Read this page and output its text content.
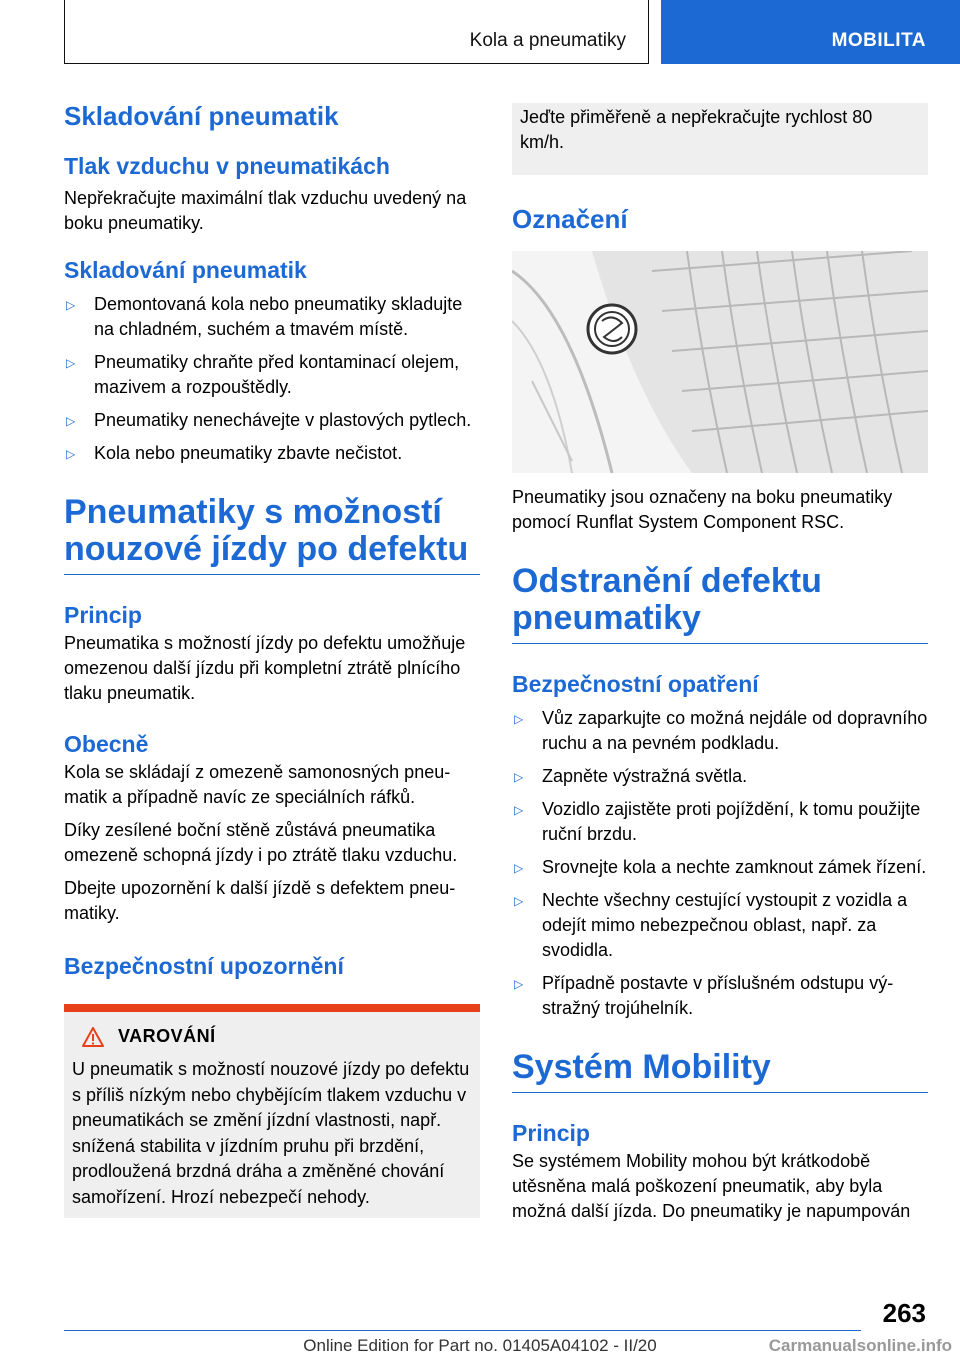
Kola a pneumatiky	MOBILITA
Skladování pneumatik
Tlak vzduchu v pneumatikách

Nepřekračujte maximální tlak vzduchu uvedený na boku pneumatiky.

Skladování pneumatik
▷ Demontovaná kola nebo pneumatiky skladujte na chladném, suchém a tmavém místě.
▷ Pneumatiky chraňte před kontaminací olejem, mazivem a rozpouštědly.
▷ Pneumatiky nenechávejte v plastových pytlech.
▷ Kola nebo pneumatiky zbavte nečistot.
Pneumatiky s možností nouzové jízdy po defektu
Princip

Pneumatika s možností jízdy po defektu umožňuje omezenou další jízdu při kompletní ztrátě plnícího tlaku pneumatik.

Obecně

Kola se skládají z omezeně samonosných pneumatik a případně navíc ze speciálních ráfků.

Díky zesílené boční stěně zůstává pneumatika omezeně schopná jízdy i po ztrátě tlaku vzduchu.

Dbejte upozornění k další jízdě s defektem pneumatiky.

Bezpečnostní upozornění
VAROVÁNÍ

U pneumatik s možností nouzové jízdy po defektu s příliš nízkým nebo chybějícím tlakem vzduchu v pneumatikách se změní jízdní vlastnosti, např. snížená stabilita v jízdním pruhu při brzdění, prodloužená brzdná dráha a změněné chování samořízení. Hrozí nebezpečí nehody.

Jeďte přiměřeně a nepřekračujte rychlost 80 km/h.

Označení

Pneumatiky jsou označeny na boku pneumatiky pomocí Runflat System Component RSC.

Odstranění defektu pneumatiky
Bezpečnostní opatření
▷ Vůz zaparkujte co možná nejdále od dopravního ruchu a na pevném podkladu.
▷ Zapněte výstražná světla.
▷ Vozidlo zajistěte proti pojíždění, k tomu použijte ruční brzdu.
▷ Srovnejte kola a nechte zamknout zámek řízení.
▷ Nechte všechny cestující vystoupit z vozidla a odejít mimo nebezpečnou oblast, např. za svodidla.
▷ Případně postavte v příslušném odstupu výstražný trojúhelník.
Systém Mobility
Princip

Se systémem Mobility mohou být krátkodobě utěsněna malá poškození pneumatik, aby byla možná další jízda. Do pneumatiky je napumpován

263
Online Edition for Part no. 01405A04102 - II/20	Carmanualsonline.info
